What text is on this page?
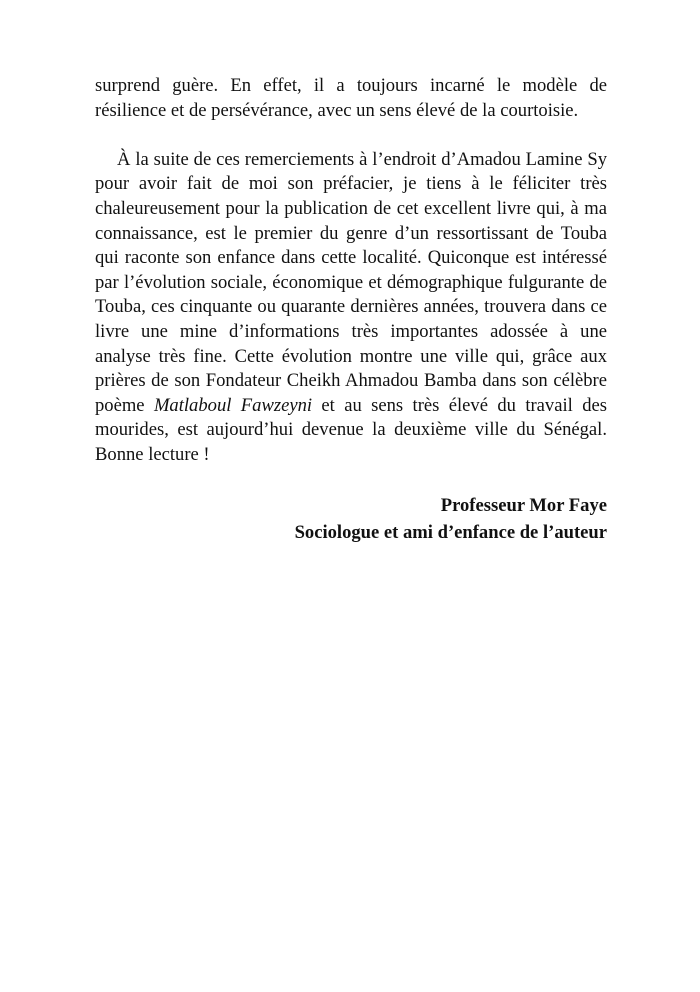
surprend guère. En effet, il a toujours incarné le modèle de résilience et de persévérance, avec un sens élevé de la courtoisie.

À la suite de ces remerciements à l’endroit d’Amadou Lamine Sy pour avoir fait de moi son préfacier, je tiens à le féliciter très chaleureusement pour la publication de cet excellent livre qui, à ma connaissance, est le premier du genre d’un ressortissant de Touba qui raconte son enfance dans cette localité. Quiconque est intéressé par l’évolution sociale, économique et démographique fulgurante de Touba, ces cinquante ou quarante dernières années, trouvera dans ce livre une mine d’informations très importantes adossée à une analyse très fine. Cette évolution montre une ville qui, grâce aux prières de son Fondateur Cheikh Ahmadou Bamba dans son célèbre poème Matlaboul Fawzeyni et au sens très élevé du travail des mourides, est aujourd’hui devenue la deuxième ville du Sénégal. Bonne lecture !

Professeur Mor Faye
Sociologue et ami d’enfance de l’auteur
